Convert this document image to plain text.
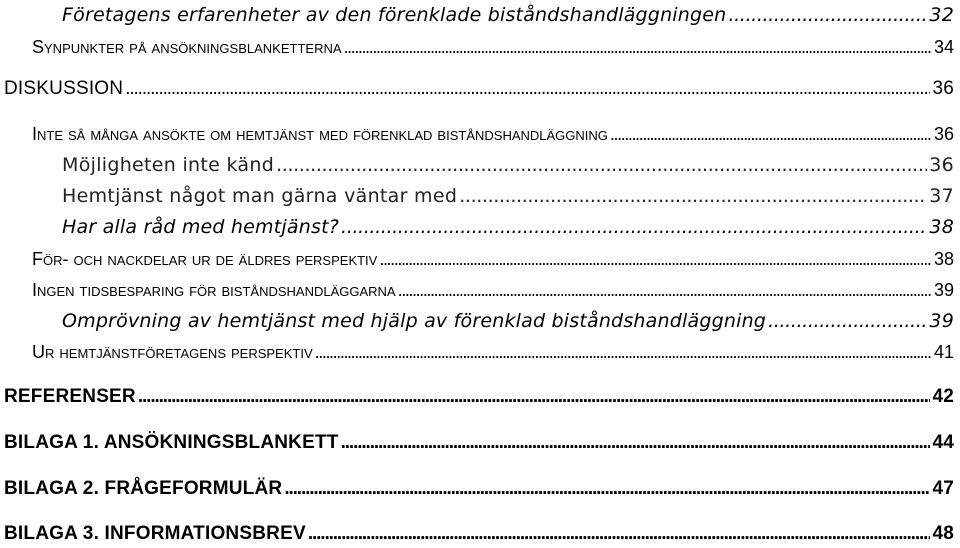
Företagens erfarenheter av den förenklade biståndshandläggningen . . .	32
Synpunkter på ansökningsblanketterna . . .	34
DISKUSSION . . .	36
Inte så många ansökte om hemtjänst med förenklad biståndshandläggning . . .	36
Möjligheten inte känd . . .	36
Hemtjänst något man gärna väntar med . . .	37
Har alla råd med hemtjänst? . . .	38
För- och nackdelar ur de äldres perspektiv . . .	38
Ingen tidsbesparing för biståndshandläggarna . . .	39
Omprövning av hemtjänst med hjälp av förenklad biståndshandläggning . . .	39
Ur hemtjänstföretagens perspektiv . . .	41
REFERENSER . . .	42
BILAGA 1. ANSÖKNINGSBLANKETT . . .	44
BILAGA 2. FRÅGEFORMULÄR . . .	47
BILAGA 3. INFORMATIONSBREV . . .	48
